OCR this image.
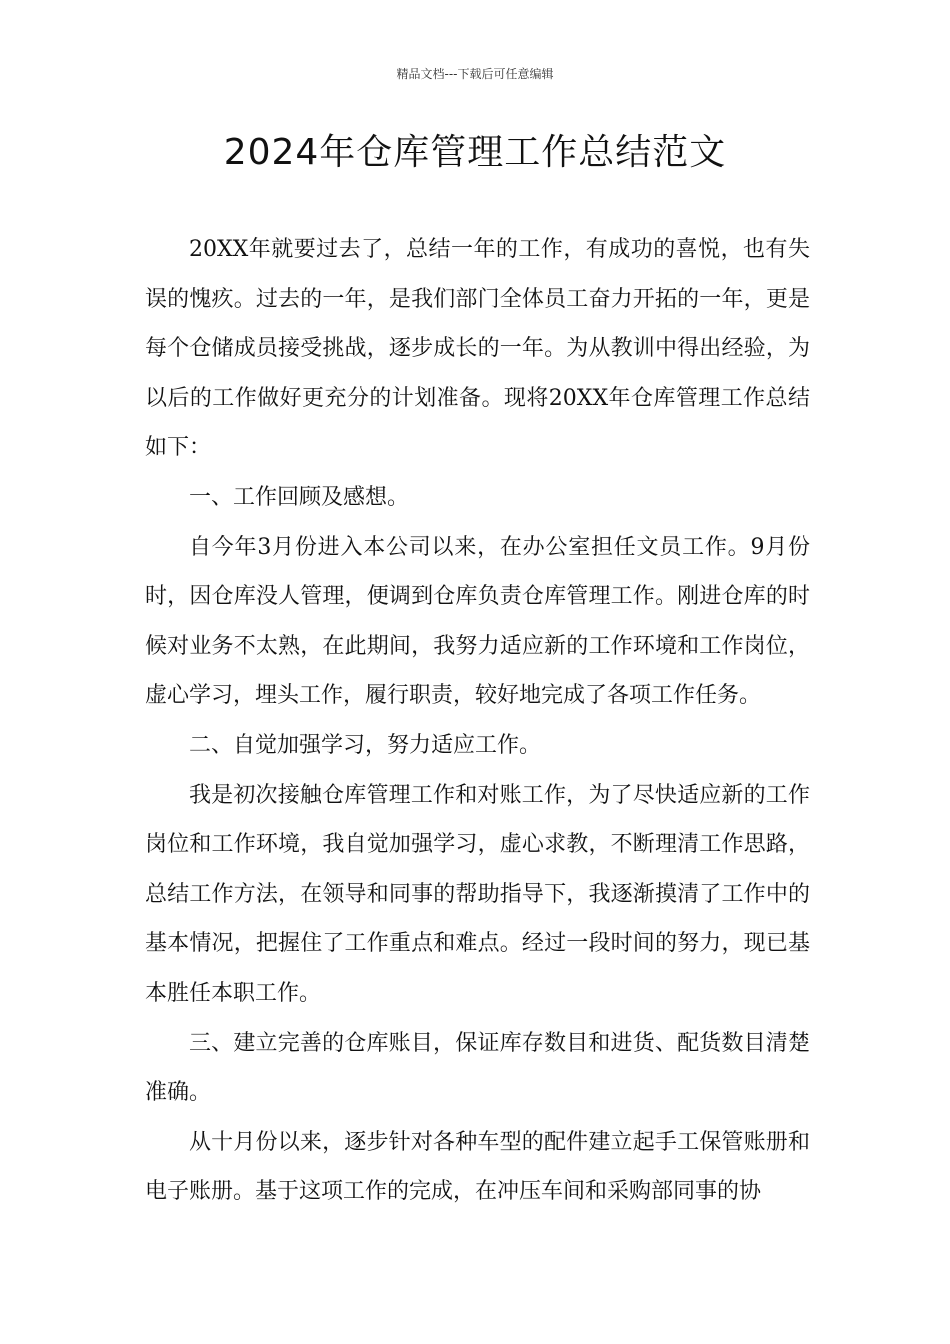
精品文档---下载后可任意编辑
2024年仓库管理工作总结范文

20XX年就要过去了，总结一年的工作，有成功的喜悦，也有失误的愧疚。过去的一年，是我们部门全体员工奋力开拓的一年，更是每个仓储成员接受挑战，逐步成长的一年。为从教训中得出经验，为以后的工作做好更充分的计划准备。现将20XX年仓库管理工作总结如下：

一、工作回顾及感想。

自今年3月份进入本公司以来，在办公室担任文员工作。9月份时，因仓库没人管理，便调到仓库负责仓库管理工作。刚进仓库的时候对业务不太熟，在此期间，我努力适应新的工作环境和工作岗位，虚心学习，埋头工作，履行职责，较好地完成了各项工作任务。

二、自觉加强学习，努力适应工作。

我是初次接触仓库管理工作和对账工作，为了尽快适应新的工作岗位和工作环境，我自觉加强学习，虚心求教，不断理清工作思路，总结工作方法，在领导和同事的帮助指导下，我逐渐摸清了工作中的基本情况，把握住了工作重点和难点。经过一段时间的努力，现已基本胜任本职工作。

三、建立完善的仓库账目，保证库存数目和进货、配货数目清楚准确。

从十月份以来，逐步针对各种车型的配件建立起手工保管账册和电子账册。基于这项工作的完成，在冲压车间和采购部同事的协
